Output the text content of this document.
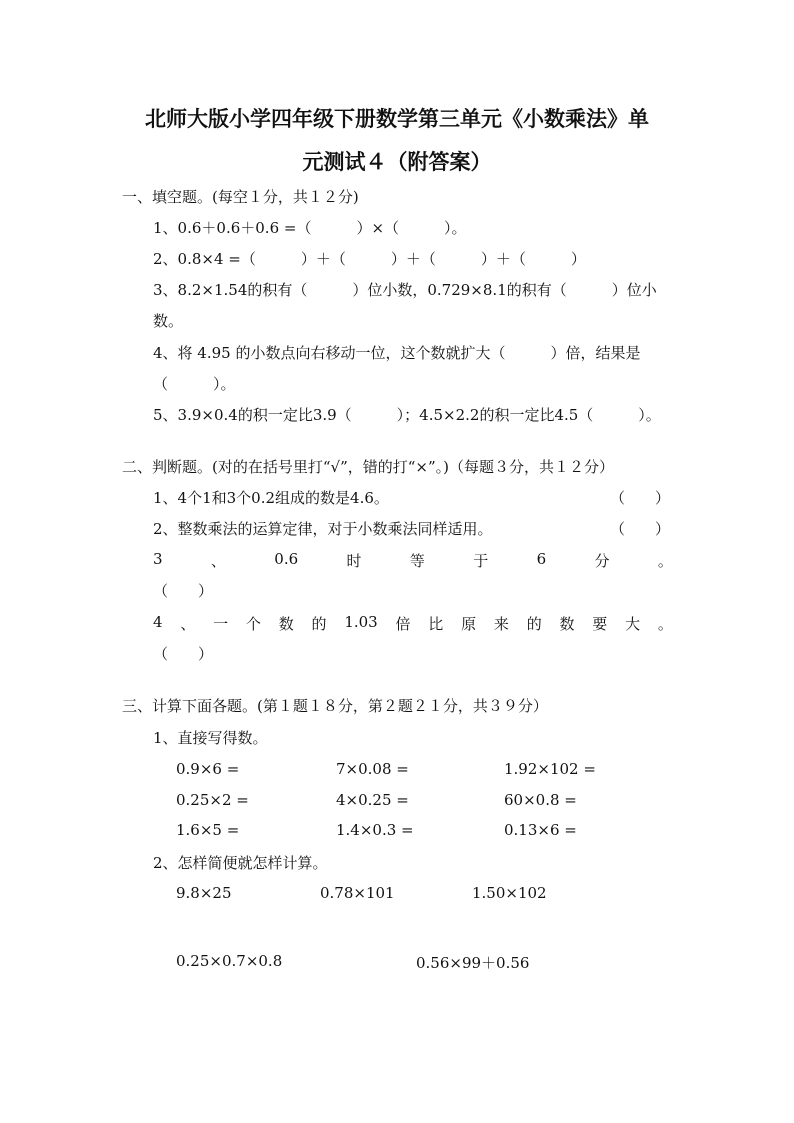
北师大版小学四年级下册数学第三单元《小数乘法》单
元测试４（附答案）
一、填空题。(每空１分，共１２分)
1、0.6＋0.6＋0.6 =（　　　）×（　　　）。
2、0.8×4 =（　　　）＋（　　　）＋（　　　）＋（　　　）
3、8.2×1.54的积有（　　　）位小数，0.729×8.1的积有（　　　）位小
数。
4、将 4.95 的小数点向右移动一位，这个数就扩大（　　　）倍，结果是
（　　　）。
5、3.9×0.4的积一定比3.9（　　　）；4.5×2.2的积一定比4.5（　　　）。
二、判断题。(对的在括号里打“√”，错的打“×”。)（每题３分，共１２分）
1、4个1和3个0.2组成的数是4.6。	（　　）
2、整数乘法的运算定律，对于小数乘法同样适用。	（　　）
3	、	0.6	时	等	于	6	分	。
（　　）
4 、 一 个 数 的 1.03 倍 比 原 来 的 数 要 大 。
（　　）
三、计算下面各题。(第１题１８分，第２题２１分，共３９分）
1、直接写得数。
0.9×6 =	7×0.08 =	1.92×102 =
0.25×2 =	4×0.25 =	60×0.8 =
1.6×5 =	1.4×0.3 =	0.13×6 =
2、怎样简便就怎样计算。
9.8×25	0.78×101	1.50×102
0.25×0.7×0.8	0.56×99＋0.56
